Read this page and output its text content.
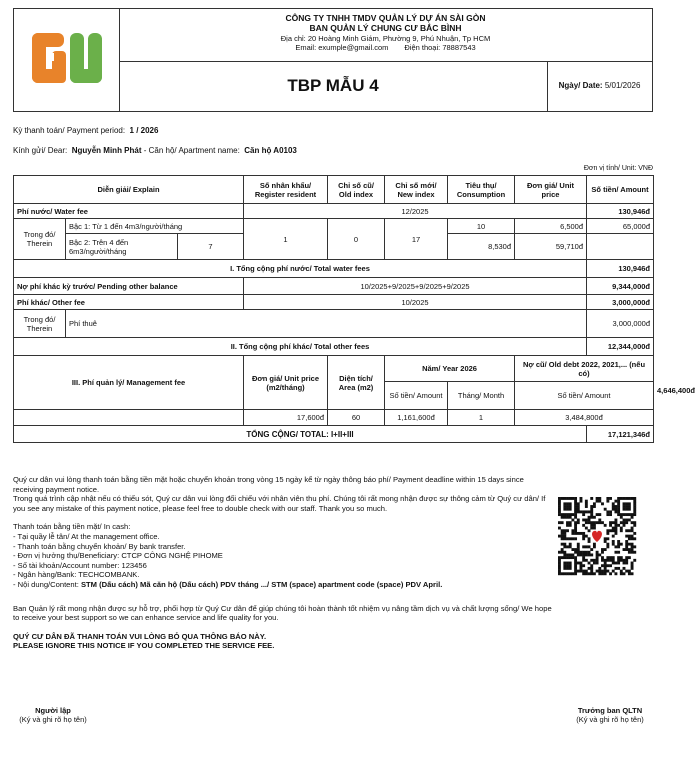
CÔNG TY TNHH TMDV QUẢN LÝ DỰ ÁN SÀI GÒN
BAN QUẢN LÝ CHUNG CƯ BẮC BÌNH
Địa chỉ: 20 Hoàng Minh Giám, Phường 9, Phú Nhuận, Tp HCM
Email: exumple@gmail.com Điện thoại: 78887543
TBP MẪU 4	Ngày/ Date: 5/01/2026
Kỳ thanh toán/ Payment period: 1 / 2026
Kính gửi/ Dear: Nguyễn Minh Phát - Căn hộ/ Apartment name: Căn hộ A0103
Đơn vị tính/ Unit: VNĐ
Diễn giải/ Explain			Số nhân khẩu/ Register resident	Chỉ số cũ/ Old index	Chỉ số mới/ New index	Tiêu thụ/ Consumption	Đơn giá/ Unit price	Số tiền/ Amount	
Phí nước/ Water fee			12/2025					130,946đ	
Trong đó/ Therein	Bậc 1: Từ 1 đến 4m3/người/tháng		1	0	17	10	6,500đ	65,000đ	
	Bậc 2: Trên 4 đến 6m3/người/tháng	7				8,530đ	59,710đ		
I. Tổng cộng phí nước/ Total water fees								130,946đ	
Nợ phí khác kỳ trước/ Pending other balance			10/2025+9/2025+9/2025+9/2025					9,344,000đ	
Phí khác/ Other fee			10/2025					3,000,000đ	
Trong đó/ Therein	Phí thuê							3,000,000đ	
II. Tổng cộng phí khác/ Total other fees								12,344,000đ	
III. Phí quản lý/ Management fee			Đơn giá/ Unit price (m2/tháng)	Diện tích/ Area (m2)	Năm/ Year 2026		Nợ cũ/ Old debt 2022, 2021,... (nếu có)		4,646,400đ
					Số tiền/ Amount	Tháng/ Month	Số tiền/ Amount		
			17,600đ	60	1,161,600đ	1	3,484,800đ		
TỔNG CỘNG/ TOTAL: I+II+III								17,121,346đ	

Quý cư dân vui lòng thanh toán bằng tiền mặt hoặc chuyển khoản trong vòng 15 ngày kể từ ngày thông báo phí/ Payment deadline within 15 days since receiving payment notice.
Trong quá trình cập nhật nếu có thiếu sót, Quý cư dân vui lòng đối chiếu với nhân viên thu phí. Chúng tôi rất mong nhận được sự thông cảm từ Quý cư dân/ If you see any mistake of this payment notice, please feel free to double check with our staff. Thank you so much.

Thanh toán bằng tiền mặt/ In cash:
- Tại quầy lễ tân/ At the management office.
- Thanh toán bằng chuyển khoản/ By bank transfer.
- Đơn vị hưởng thụ/Beneficiary: CTCP CÔNG NGHỆ PIHOME
- Số tài khoản/Account number: 123456
- Ngân hàng/Bank: TECHCOMBANK.
- Nội dung/Content: STM (Dấu cách) Mã căn hộ (Dấu cách) PDV tháng .../ STM (space) apartment code (space) PDV April.

Ban Quản lý rất mong nhận được sự hỗ trợ, phối hợp từ Quý Cư dân để giúp chúng tôi hoàn thành tốt nhiệm vụ nâng tầm dịch vụ và chất lượng sống/ We hope to receive your best support so we can enhance service and life quality for you.

QUÝ CƯ DÂN ĐÃ THANH TOÁN VUI LÒNG BỎ QUA THÔNG BÁO NÀY.
PLEASE IGNORE THIS NOTICE IF YOU COMPLETED THE SERVICE FEE.

Người lập
(Ký và ghi rõ họ tên)
Trưởng ban QLTN
(Ký và ghi rõ họ tên)
